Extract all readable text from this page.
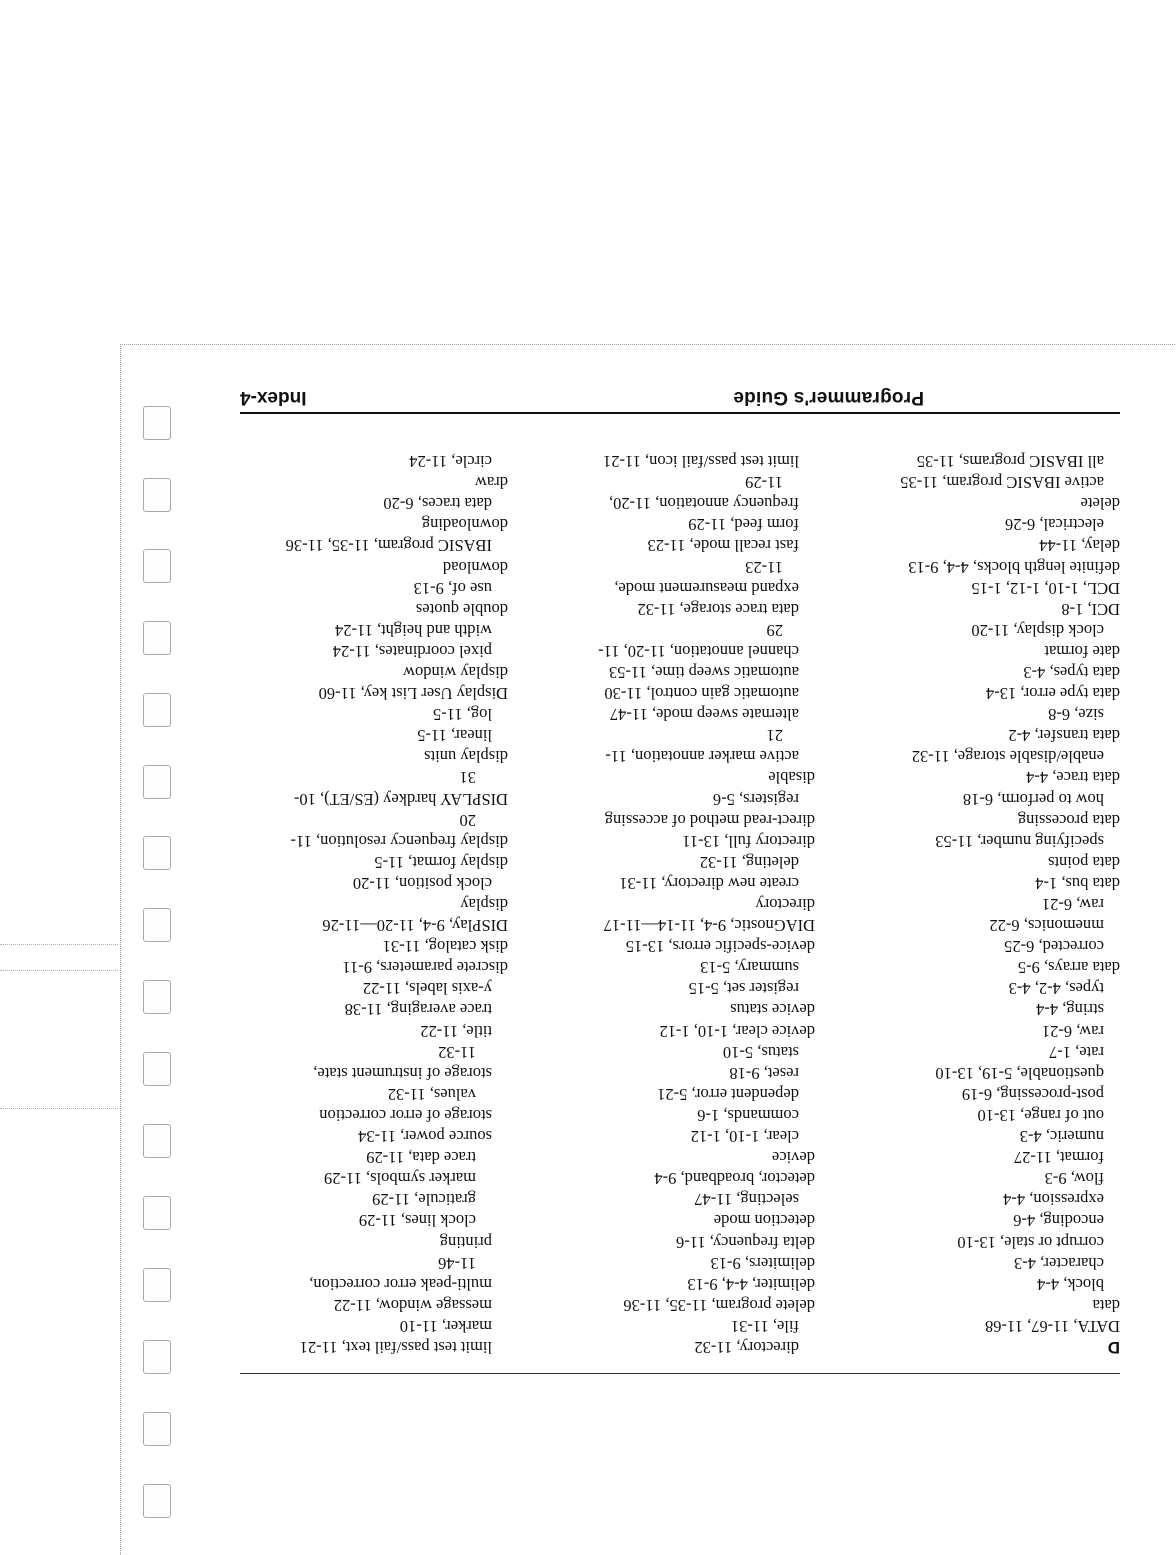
D
DATA, 11-67, 11-68
data
block, 4-4
character, 4-3
corrupt or stale, 13-10
encoding, 4-6
expression, 4-4
flow, 9-3
format, 11-27
numeric, 4-3
out of range, 13-10
post-processing, 6-19
questionable, 5-19, 13-10
rate, 1-7
raw, 6-21
string, 4-4
types, 4-2, 4-3
data arrays, 9-5
corrected, 6-25
mnemonics, 6-22
raw, 6-21
data bus, 1-4
data points
specifying number, 11-53
data processing
how to perform, 6-18
data trace, 4-4
enable/disable storage, 11-32
data transfer, 4-2
size, 6-8
data type error, 13-4
data types, 4-3
date format
clock display, 11-20
DCI, 1-8
DCL, 1-10, 1-12, 1-15
definite length blocks, 4-4, 9-13
delay, 11-44
electrical, 6-26
delete
active IBASIC program, 11-35
all IBASIC programs, 11-35
directory, 11-32
file, 11-31
delete program, 11-35, 11-36
delimiter, 4-4, 9-13
delimiters, 9-13
delta frequency, 11-6
detection mode
selecting, 11-47
detector, broadband, 9-4
device
clear, 1-10, 1-12
commands, 1-6
dependent error, 5-21
reset, 9-18
status, 5-10
device clear, 1-10, 1-12
device status
register set, 5-15
summary, 5-13
device-specific errors, 13-15
DIAGnostic, 9-4, 11-14—11-17
directory
create new directory, 11-31
deleting, 11-32
directory full, 13-11
direct-read method of accessing
registers, 5-6
disable
active marker annotation, 11-
21
alternate sweep mode, 11-47
automatic gain control, 11-30
automatic sweep time, 11-53
channel annotation, 11-20, 11-
29
data trace storage, 11-32
expand measurement mode,
11-23
fast recall mode, 11-23
form feed, 11-29
frequency annotation, 11-20,
11-29
limit test pass/fail icon, 11-21
limit test pass/fail text, 11-21
marker, 11-10
message window, 11-22
multi-peak error correction,
11-46
printing
clock lines, 11-29
graticule, 11-29
marker symbols, 11-29
trace data, 11-29
source power, 11-34
storage of error correction
values, 11-32
storage of instrument state,
11-32
title, 11-22
trace averaging, 11-38
y-axis labels, 11-22
discrete parameters, 9-11
disk catalog, 11-31
DISPlay, 9-4, 11-20—11-26
display
clock position, 11-20
display format, 11-5
display frequency resolution, 11-
20
DISPLAY hardkey (ES/ET), 10-
31
display units
linear, 11-5
log, 11-5
Display User List key, 11-60
display window
pixel coordinates, 11-24
width and height, 11-24
double quotes
use of, 9-13
download
IBASIC program, 11-35, 11-36
downloading
data traces, 6-20
draw
circle, 11-24
Programmer's Guide
Index-4
